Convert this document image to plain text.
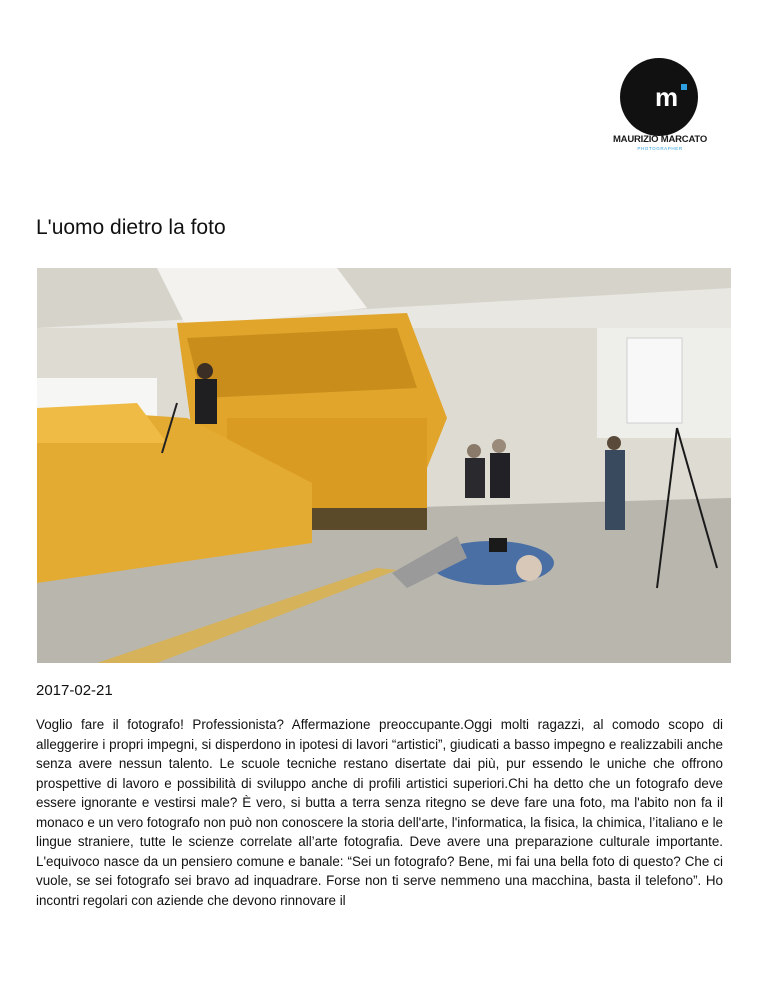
m
MAURIZIO MARCATO
PHOTOGRAPHER
L'uomo dietro la foto
2017-02-21

Voglio fare il fotografo! Professionista? Affermazione preoccupante.Oggi molti ragazzi, al comodo scopo di alleggerire i propri impegni, si disperdono in ipotesi di lavori “artistici”, giudicati a basso impegno e realizzabili anche senza avere nessun talento. Le scuole tecniche restano disertate dai più, pur essendo le uniche che offrono prospettive di lavoro e possibilità di sviluppo anche di profili artistici superiori.Chi ha detto che un fotografo deve essere ignorante e vestirsi male? È vero, si butta a terra senza ritegno se deve fare una foto, ma l'abito non fa il monaco e un vero fotografo non può non conoscere la storia dell'arte, l'informatica, la fisica, la chimica, l’italiano e le lingue straniere, tutte le scienze correlate all’arte fotografia. Deve avere una preparazione culturale importante. L'equivoco nasce da un pensiero comune e banale: “Sei un fotografo? Bene, mi fai una bella foto di questo? Che ci vuole, se sei fotografo sei bravo ad inquadrare. Forse non ti serve nemmeno una macchina, basta il telefono”. Ho incontri regolari con aziende che devono rinnovare il
